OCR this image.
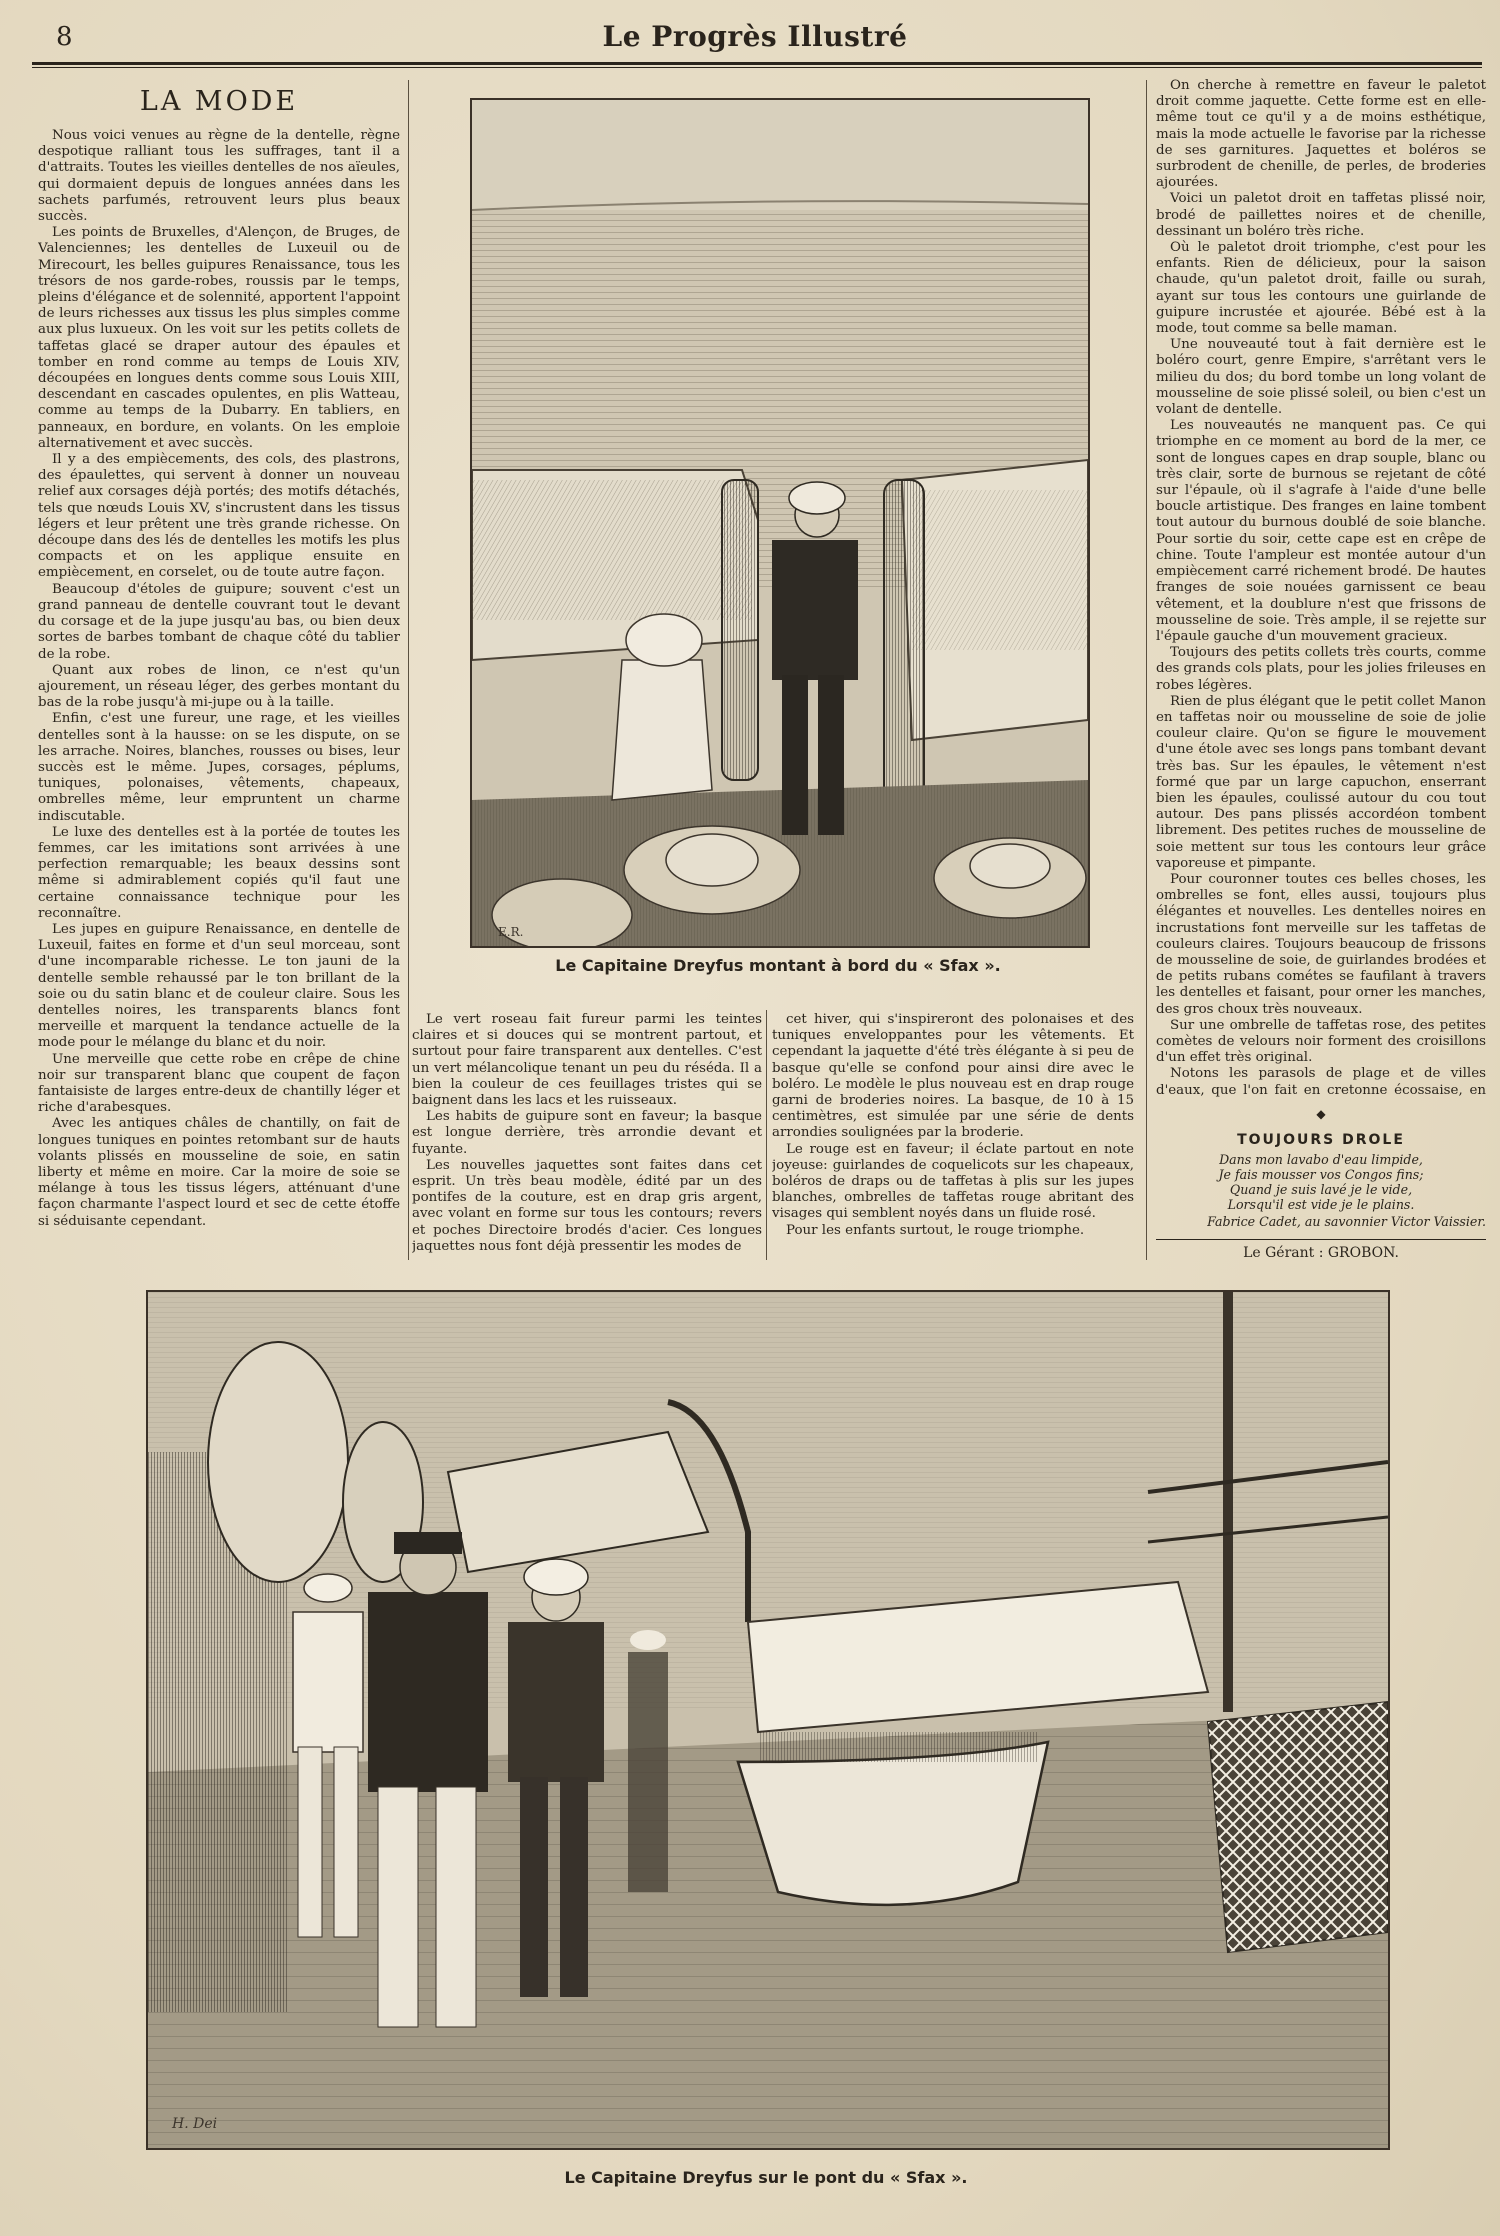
8	Le Progrès Illustré
LA MODE

Nous voici venues au règne de la dentelle, règne despotique ralliant tous les suffrages, tant il a d'attraits. Toutes les vieilles dentelles de nos aïeules, qui dormaient depuis de longues années dans les sachets parfumés, retrouvent leurs plus beaux succès.

Les points de Bruxelles, d'Alençon, de Bruges, de Valenciennes; les dentelles de Luxeuil ou de Mirecourt, les belles guipures Renaissance, tous les trésors de nos garde-robes, roussis par le temps, pleins d'élégance et de solennité, apportent l'appoint de leurs richesses aux tissus les plus simples comme aux plus luxueux. On les voit sur les petits collets de taffetas glacé se draper autour des épaules et tomber en rond comme au temps de Louis XIV, découpées en longues dents comme sous Louis XIII, descendant en cascades opulentes, en plis Watteau, comme au temps de la Dubarry. En tabliers, en panneaux, en bordure, en volants. On les emploie alternativement et avec succès.

Il y a des empiècements, des cols, des plastrons, des épaulettes, qui servent à donner un nouveau relief aux corsages déjà portés; des motifs détachés, tels que nœuds Louis XV, s'incrustent dans les tissus légers et leur prêtent une très grande richesse. On découpe dans des lés de dentelles les motifs les plus compacts et on les applique ensuite en empiècement, en corselet, ou de toute autre façon.

Beaucoup d'étoles de guipure; souvent c'est un grand panneau de dentelle couvrant tout le devant du corsage et de la jupe jusqu'au bas, ou bien deux sortes de barbes tombant de chaque côté du tablier de la robe.

Quant aux robes de linon, ce n'est qu'un ajourement, un réseau léger, des gerbes montant du bas de la robe jusqu'à mi-jupe ou à la taille.

Enfin, c'est une fureur, une rage, et les vieilles dentelles sont à la hausse: on se les dispute, on se les arrache. Noires, blanches, rousses ou bises, leur succès est le même. Jupes, corsages, péplums, tuniques, polonaises, vêtements, chapeaux, ombrelles même, leur empruntent un charme indiscutable.

Le luxe des dentelles est à la portée de toutes les femmes, car les imitations sont arrivées à une perfection remarquable; les beaux dessins sont même si admirablement copiés qu'il faut une certaine connaissance technique pour les reconnaître.

Les jupes en guipure Renaissance, en dentelle de Luxeuil, faites en forme et d'un seul morceau, sont d'une incomparable richesse. Le ton jauni de la dentelle semble rehaussé par le ton brillant de la soie ou du satin blanc et de couleur claire. Sous les dentelles noires, les transparents blancs font merveille et marquent la tendance actuelle de la mode pour le mélange du blanc et du noir.

Une merveille que cette robe en crêpe de chine noir sur transparent blanc que coupent de façon fantaisiste de larges entre-deux de chantilly léger et riche d'arabesques.

Avec les antiques châles de chantilly, on fait de longues tuniques en pointes retombant sur de hauts volants plissés en mousseline de soie, en satin liberty et même en moire. Car la moire de soie se mélange à tous les tissus légers, atténuant d'une façon charmante l'aspect lourd et sec de cette étoffe si séduisante cependant.

E.R.
Le Capitaine Dreyfus montant à bord du « Sfax ».

Le vert roseau fait fureur parmi les teintes claires et si douces qui se montrent partout, et surtout pour faire transparent aux dentelles. C'est un vert mélancolique tenant un peu du réséda. Il a bien la couleur de ces feuillages tristes qui se baignent dans les lacs et les ruisseaux.

Les habits de guipure sont en faveur; la basque est longue derrière, très arrondie devant et fuyante.

Les nouvelles jaquettes sont faites dans cet esprit. Un très beau modèle, édité par un des pontifes de la couture, est en drap gris argent, avec volant en forme sur tous les contours; revers et poches Directoire brodés d'acier. Ces longues jaquettes nous font déjà pressentir les modes de

cet hiver, qui s'inspireront des polonaises et des tuniques enveloppantes pour les vêtements. Et cependant la jaquette d'été très élégante à si peu de basque qu'elle se confond pour ainsi dire avec le boléro. Le modèle le plus nouveau est en drap rouge garni de broderies noires. La basque, de 10 à 15 centimètres, est simulée par une série de dents arrondies soulignées par la broderie.

Le rouge est en faveur; il éclate partout en note joyeuse: guirlandes de coquelicots sur les chapeaux, boléros de draps ou de taffetas à plis sur les jupes blanches, ombrelles de taffetas rouge abritant des visages qui semblent noyés dans un fluide rosé.

Pour les enfants surtout, le rouge triomphe.

On cherche à remettre en faveur le paletot droit comme jaquette. Cette forme est en elle-même tout ce qu'il y a de moins esthétique, mais la mode actuelle le favorise par la richesse de ses garnitures. Jaquettes et boléros se surbrodent de chenille, de perles, de broderies ajourées.

Voici un paletot droit en taffetas plissé noir, brodé de paillettes noires et de chenille, dessinant un boléro très riche.

Où le paletot droit triomphe, c'est pour les enfants. Rien de délicieux, pour la saison chaude, qu'un paletot droit, faille ou surah, ayant sur tous les contours une guirlande de guipure incrustée et ajourée. Bébé est à la mode, tout comme sa belle maman.

Une nouveauté tout à fait dernière est le boléro court, genre Empire, s'arrêtant vers le milieu du dos; du bord tombe un long volant de mousseline de soie plissé soleil, ou bien c'est un volant de dentelle.

Les nouveautés ne manquent pas. Ce qui triomphe en ce moment au bord de la mer, ce sont de longues capes en drap souple, blanc ou très clair, sorte de burnous se rejetant de côté sur l'épaule, où il s'agrafe à l'aide d'une belle boucle artistique. Des franges en laine tombent tout autour du burnous doublé de soie blanche. Pour sortie du soir, cette cape est en crêpe de chine. Toute l'ampleur est montée autour d'un empiècement carré richement brodé. De hautes franges de soie nouées garnissent ce beau vêtement, et la doublure n'est que frissons de mousseline de soie. Très ample, il se rejette sur l'épaule gauche d'un mouvement gracieux.

Toujours des petits collets très courts, comme des grands cols plats, pour les jolies frileuses en robes légères.

Rien de plus élégant que le petit collet Manon en taffetas noir ou mousseline de soie de jolie couleur claire. Qu'on se figure le mouvement d'une étole avec ses longs pans tombant devant très bas. Sur les épaules, le vêtement n'est formé que par un large capuchon, enserrant bien les épaules, coulissé autour du cou tout autour. Des pans plissés accordéon tombent librement. Des petites ruches de mousseline de soie mettent sur tous les contours leur grâce vaporeuse et pimpante.

Pour couronner toutes ces belles choses, les ombrelles se font, elles aussi, toujours plus élégantes et nouvelles. Les dentelles noires en incrustations font merveille sur les taffetas de couleurs claires. Toujours beaucoup de frissons de mousseline de soie, de guirlandes brodées et de petits rubans cométes se faufilant à travers les dentelles et faisant, pour orner les manches, des gros choux très nouveaux.

Sur une ombrelle de taffetas rose, des petites comètes de velours noir forment des croisillons d'un effet très original.

Notons les parasols de plage et de villes d'eaux, que l'on fait en cretonne écossaise, en

◆
TOUJOURS DROLE
Dans mon lavabo d'eau limpide,
Je fais mousser vos Congos fins;
Quand je suis lavé je le vide,
Lorsqu'il est vide je le plains.
Fabrice Cadet, au savonnier Victor Vaissier.
Le Gérant : GROBON.
H. Dei
Le Capitaine Dreyfus sur le pont du « Sfax ».
